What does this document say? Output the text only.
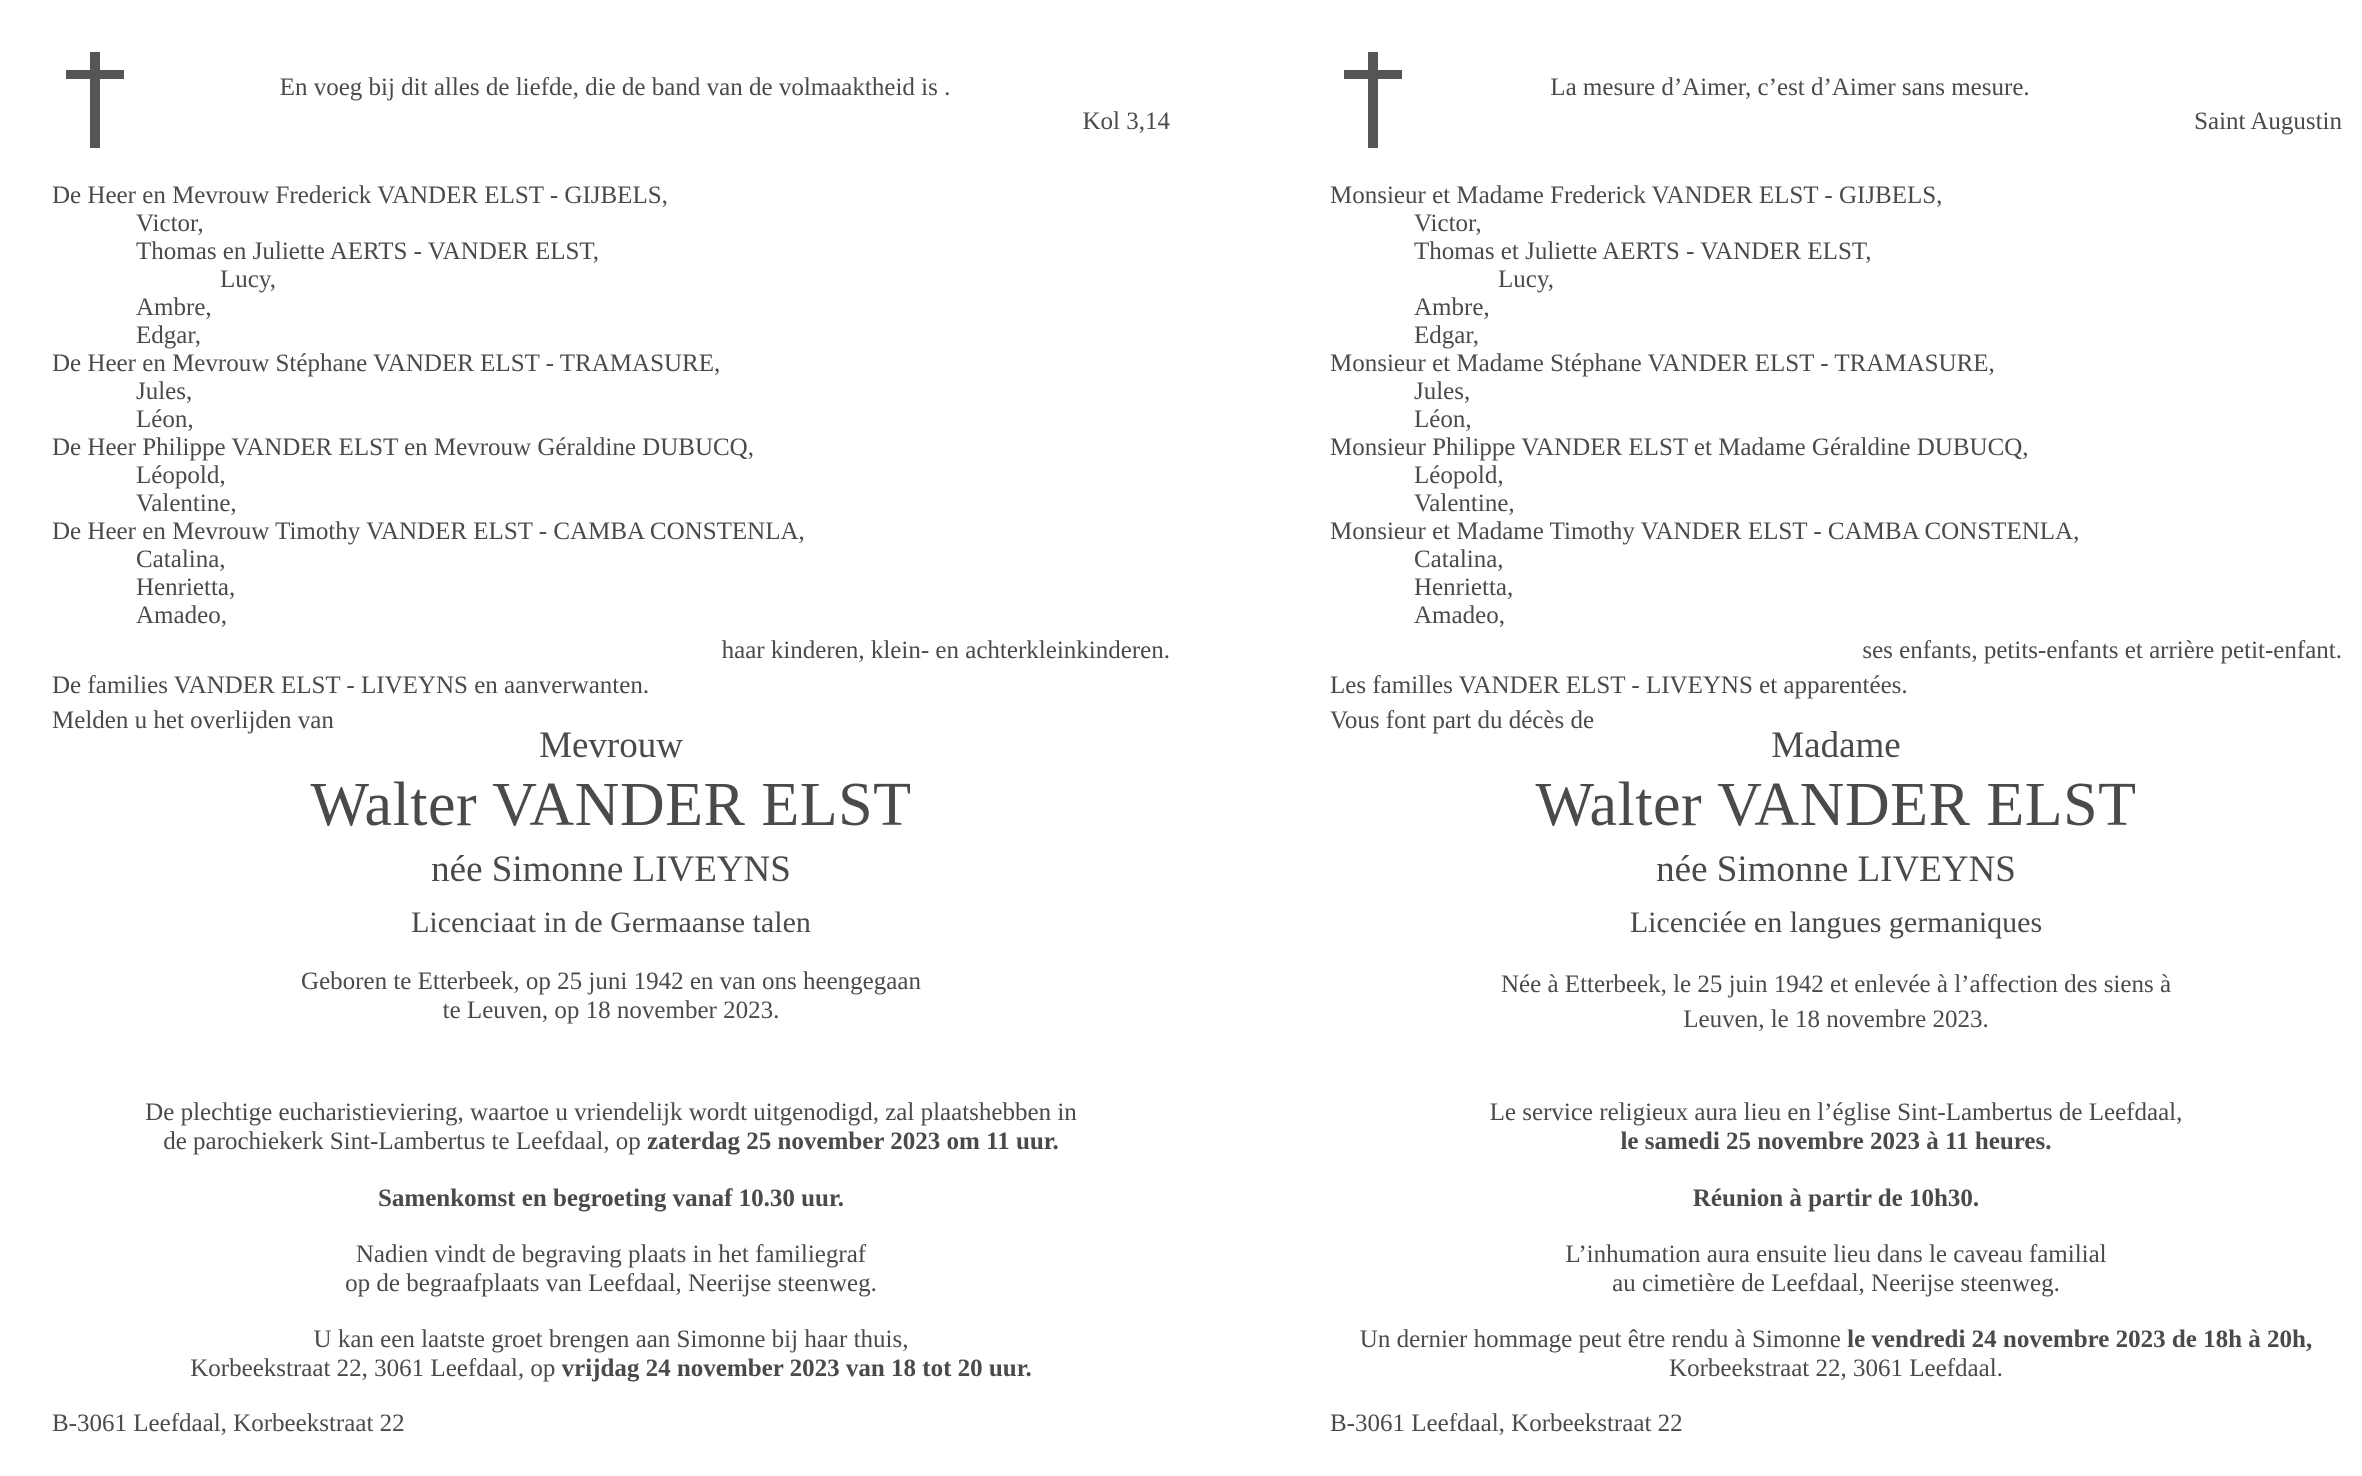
En voeg bij dit alles de liefde, die de band van de volmaaktheid is .
Kol 3,14
De Heer en Mevrouw Frederick VANDER ELST - GIJBELS,
Victor,
Thomas en Juliette AERTS - VANDER ELST,
Lucy,
Ambre,
Edgar,
De Heer en Mevrouw Stéphane VANDER ELST - TRAMASURE,
Jules,
Léon,
De Heer Philippe VANDER ELST en Mevrouw Géraldine DUBUCQ,
Léopold,
Valentine,
De Heer en Mevrouw Timothy VANDER ELST - CAMBA CONSTENLA,
Catalina,
Henrietta,
Amadeo,
haar kinderen, klein- en achterkleinkinderen.
De families VANDER ELST - LIVEYNS en aanverwanten.
Melden u het overlijden van
Mevrouw
Walter VANDER ELST
née Simonne LIVEYNS
Licenciaat in de Germaanse talen
Geboren te Etterbeek, op 25 juni 1942 en van ons heengegaan
te Leuven, op 18 november 2023.
De plechtige eucharistieviering, waartoe u vriendelijk wordt uitgenodigd, zal plaatshebben in
de parochiekerk Sint-Lambertus te Leefdaal, op zaterdag 25 november 2023 om 11 uur.
Samenkomst en begroeting vanaf 10.30 uur.
Nadien vindt de begraving plaats in het familiegraf
op de begraafplaats van Leefdaal, Neerijse steenweg.
U kan een laatste groet brengen aan Simonne bij haar thuis,
Korbeekstraat 22, 3061 Leefdaal, op vrijdag 24 november 2023 van 18 tot 20 uur.
B-3061 Leefdaal, Korbeekstraat 22
La mesure d’Aimer, c’est d’Aimer sans mesure.
Saint Augustin
Monsieur et Madame Frederick VANDER ELST - GIJBELS,
Victor,
Thomas et Juliette AERTS - VANDER ELST,
Lucy,
Ambre,
Edgar,
Monsieur et Madame Stéphane VANDER ELST - TRAMASURE,
Jules,
Léon,
Monsieur Philippe VANDER ELST et Madame Géraldine DUBUCQ,
Léopold,
Valentine,
Monsieur et Madame Timothy VANDER ELST - CAMBA CONSTENLA,
Catalina,
Henrietta,
Amadeo,
ses enfants, petits-enfants et arrière petit-enfant.
Les familles VANDER ELST - LIVEYNS et apparentées.
Vous font part du décès de
Madame
Walter VANDER ELST
née Simonne LIVEYNS
Licenciée en langues germaniques
Née à Etterbeek, le 25 juin 1942 et enlevée à l’affection des siens à
Leuven, le 18 novembre 2023.
Le service religieux aura lieu en l’église Sint-Lambertus de Leefdaal,
le samedi 25 novembre 2023 à 11 heures.
Réunion à partir de 10h30.
L’inhumation aura ensuite lieu dans le caveau familial
au cimetière de Leefdaal, Neerijse steenweg.
Un dernier hommage peut être rendu à Simonne le vendredi 24 novembre 2023 de 18h à 20h,
Korbeekstraat 22, 3061 Leefdaal.
B-3061 Leefdaal, Korbeekstraat 22
